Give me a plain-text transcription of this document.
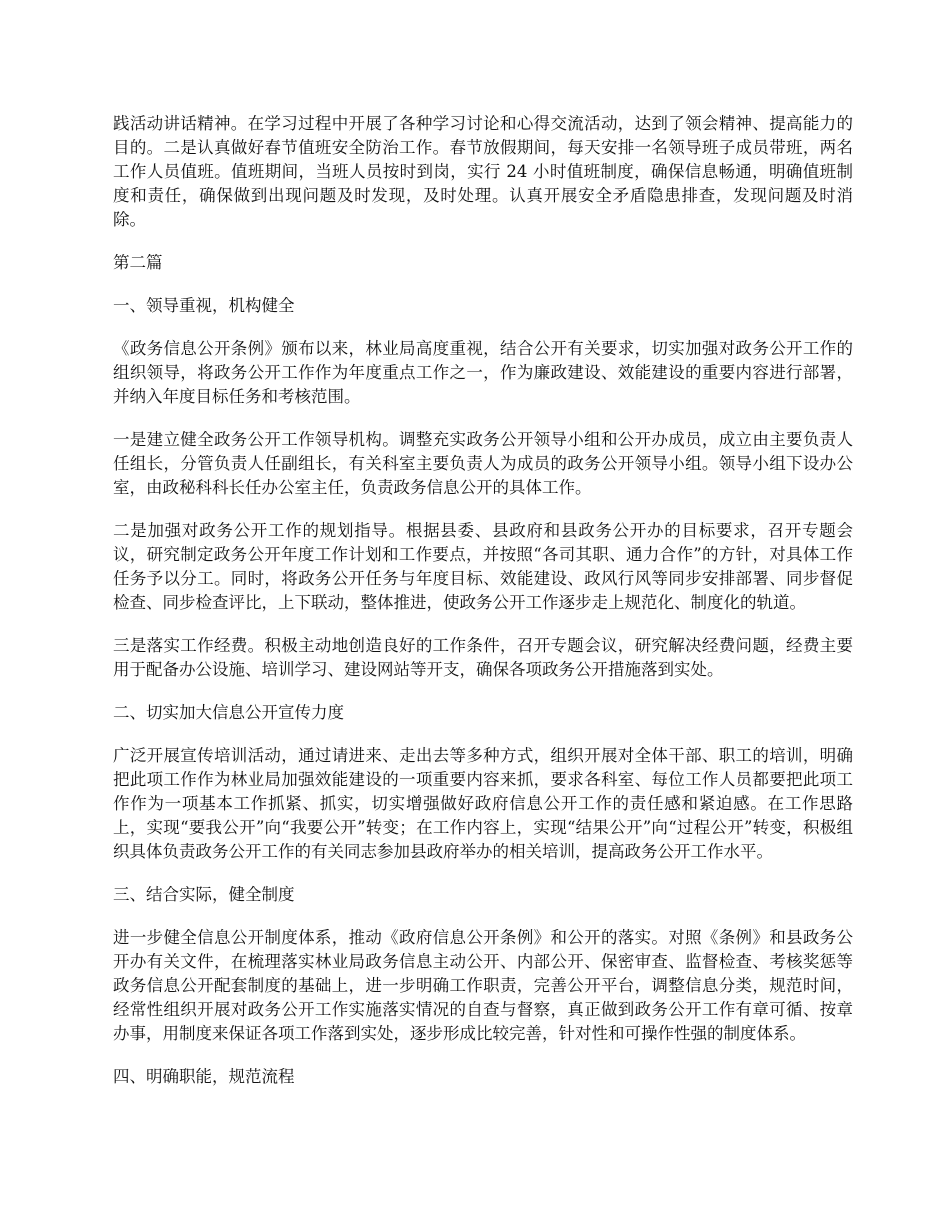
践活动讲话精神。在学习过程中开展了各种学习讨论和心得交流活动，达到了领会精神、提高能力的目的。二是认真做好春节值班安全防治工作。春节放假期间，每天安排一名领导班子成员带班，两名工作人员值班。值班期间，当班人员按时到岗，实行 24 小时值班制度，确保信息畅通，明确值班制度和责任，确保做到出现问题及时发现，及时处理。认真开展安全矛盾隐患排查，发现问题及时消除。

第二篇

一、领导重视，机构健全

《政务信息公开条例》颁布以来，林业局高度重视，结合公开有关要求，切实加强对政务公开工作的组织领导，将政务公开工作作为年度重点工作之一，作为廉政建设、效能建设的重要内容进行部署，并纳入年度目标任务和考核范围。

一是建立健全政务公开工作领导机构。调整充实政务公开领导小组和公开办成员，成立由主要负责人任组长，分管负责人任副组长，有关科室主要负责人为成员的政务公开领导小组。领导小组下设办公室，由政秘科科长任办公室主任，负责政务信息公开的具体工作。

二是加强对政务公开工作的规划指导。根据县委、县政府和县政务公开办的目标要求，召开专题会议，研究制定政务公开年度工作计划和工作要点，并按照“各司其职、通力合作”的方针，对具体工作任务予以分工。同时，将政务公开任务与年度目标、效能建设、政风行风等同步安排部署、同步督促检查、同步检查评比，上下联动，整体推进，使政务公开工作逐步走上规范化、制度化的轨道。

三是落实工作经费。积极主动地创造良好的工作条件，召开专题会议，研究解决经费问题，经费主要用于配备办公设施、培训学习、建设网站等开支，确保各项政务公开措施落到实处。

二、切实加大信息公开宣传力度

广泛开展宣传培训活动，通过请进来、走出去等多种方式，组织开展对全体干部、职工的培训，明确把此项工作作为林业局加强效能建设的一项重要内容来抓，要求各科室、每位工作人员都要把此项工作作为一项基本工作抓紧、抓实，切实增强做好政府信息公开工作的责任感和紧迫感。在工作思路上，实现“要我公开”向“我要公开”转变；在工作内容上，实现“结果公开”向“过程公开”转变，积极组织具体负责政务公开工作的有关同志参加县政府举办的相关培训，提高政务公开工作水平。

三、结合实际，健全制度

进一步健全信息公开制度体系，推动《政府信息公开条例》和公开的落实。对照《条例》和县政务公开办有关文件，在梳理落实林业局政务信息主动公开、内部公开、保密审查、监督检查、考核奖惩等政务信息公开配套制度的基础上，进一步明确工作职责，完善公开平台，调整信息分类，规范时间，经常性组织开展对政务公开工作实施落实情况的自查与督察，真正做到政务公开工作有章可循、按章办事，用制度来保证各项工作落到实处，逐步形成比较完善，针对性和可操作性强的制度体系。

四、明确职能，规范流程
